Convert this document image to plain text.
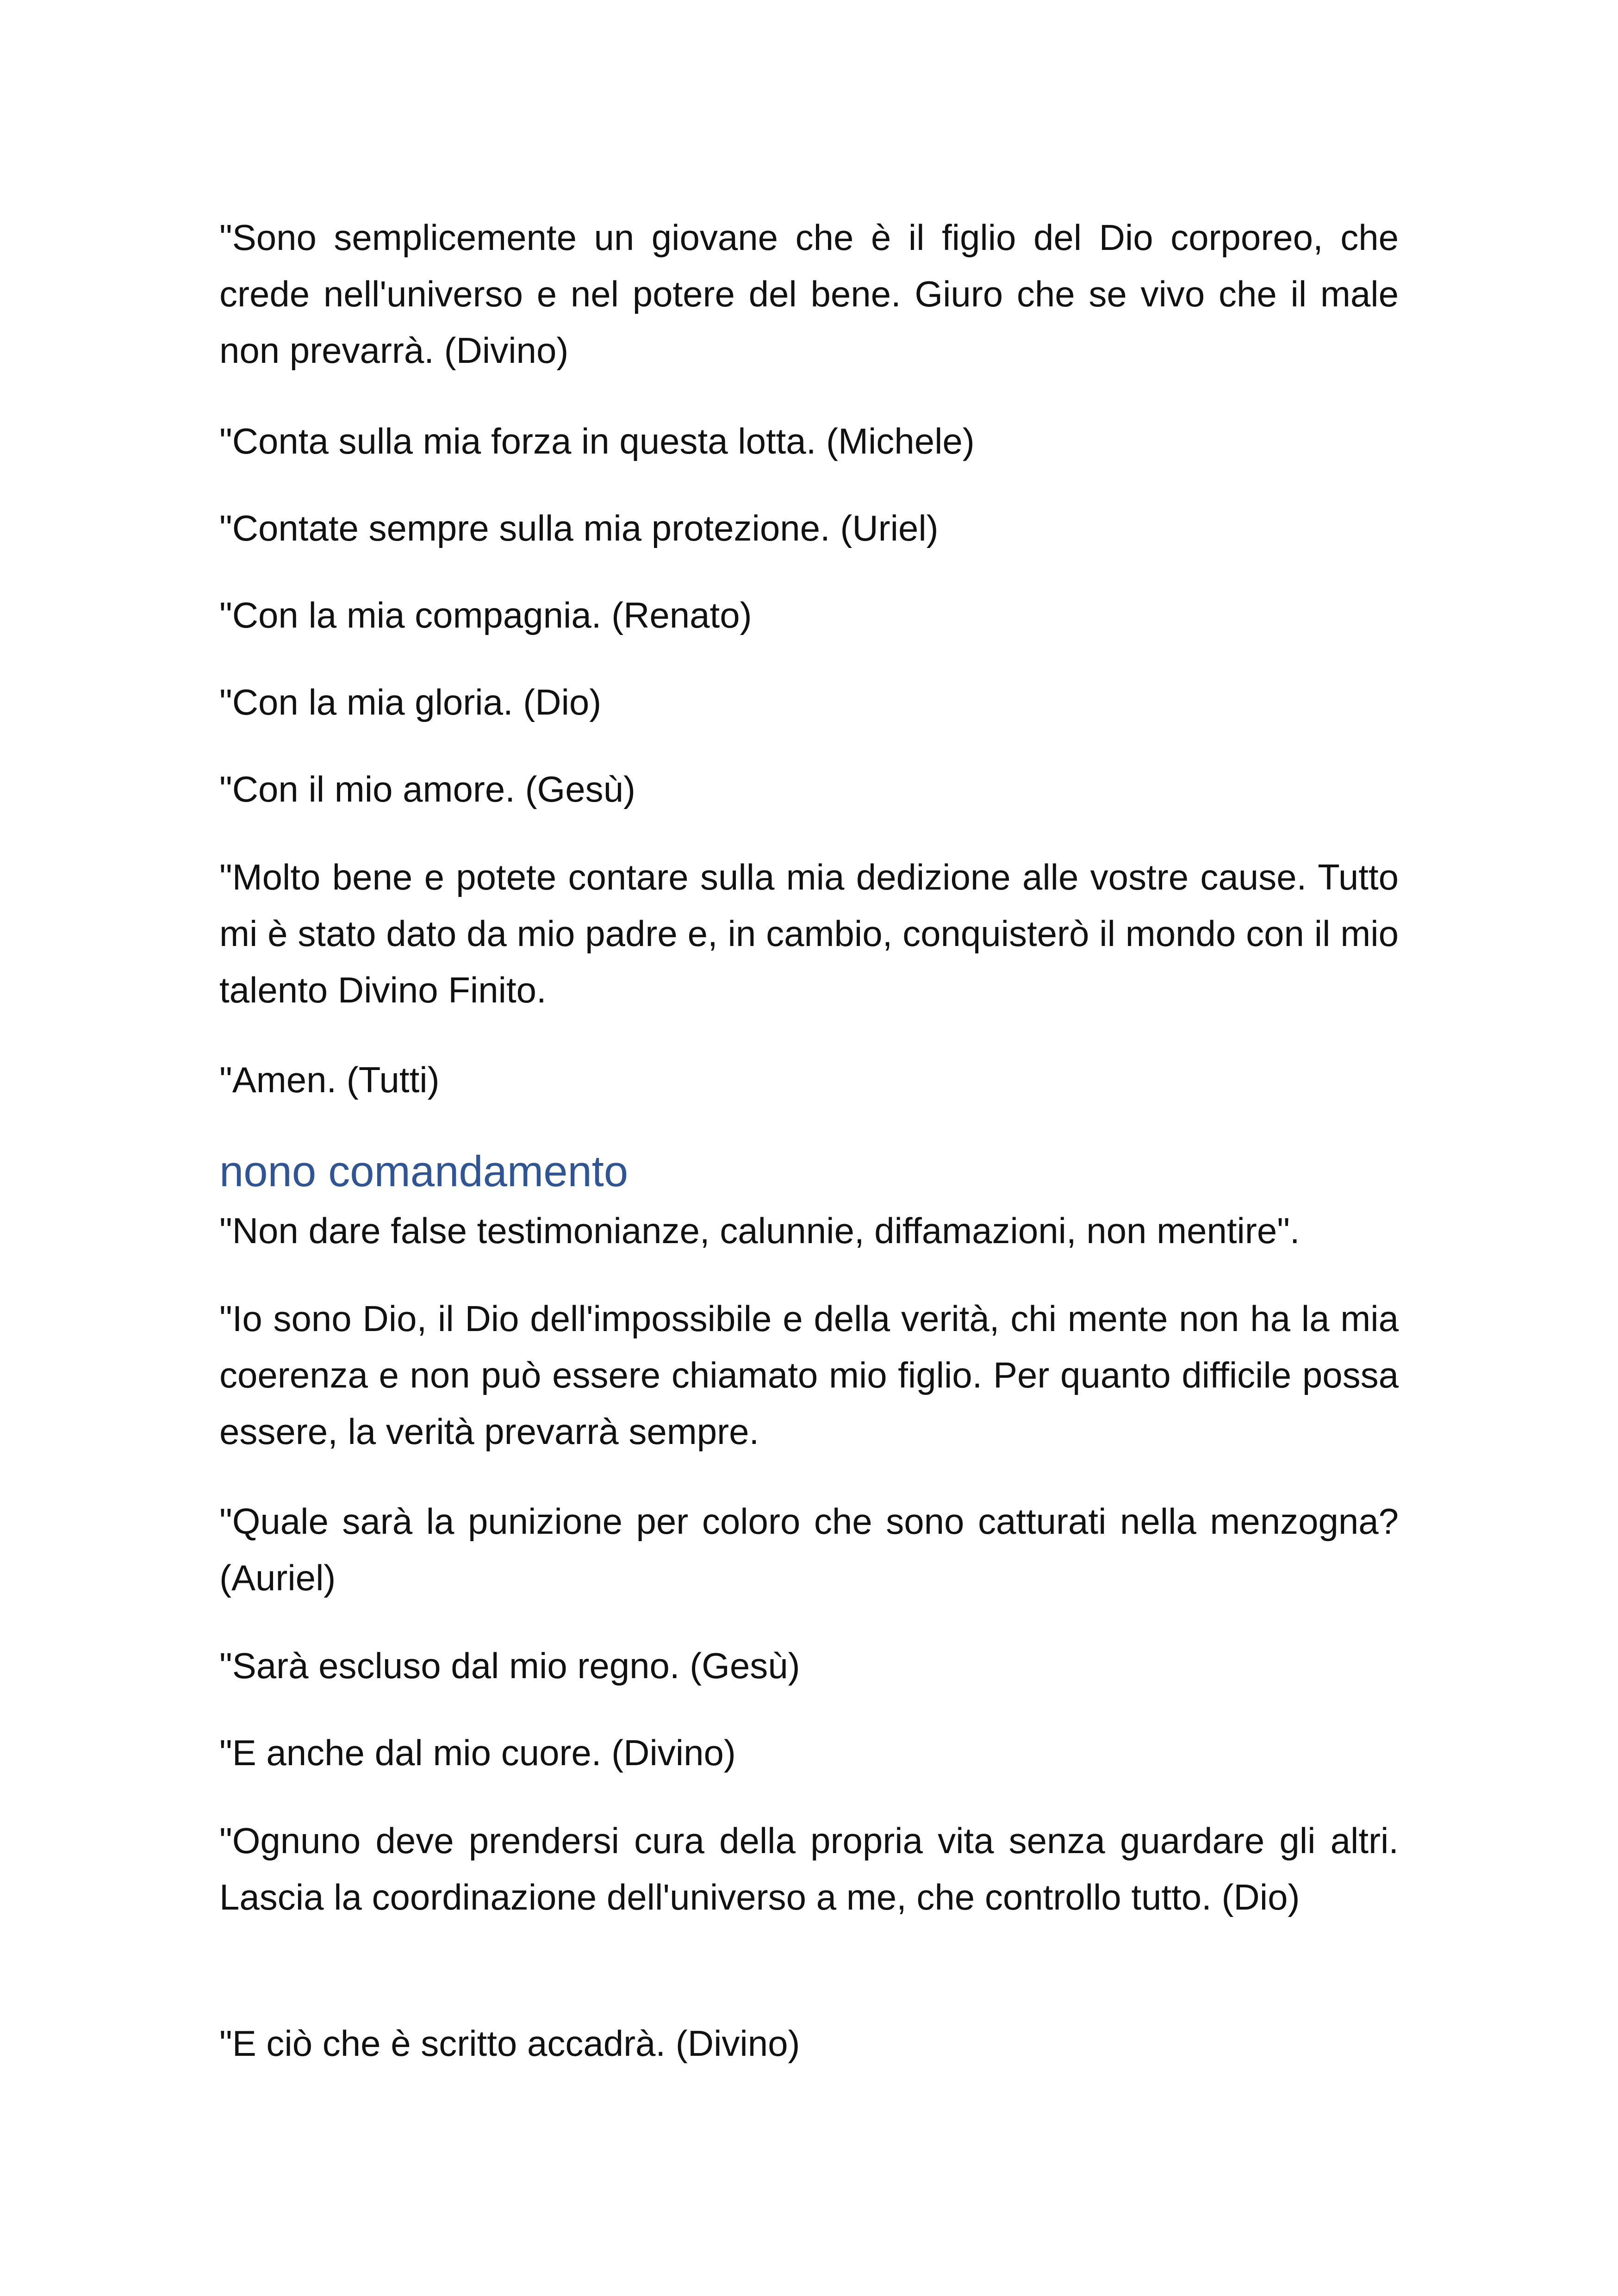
"Sono semplicemente un giovane che è il figlio del Dio corporeo, che crede nell'universo e nel potere del bene. Giuro che se vivo che il male non prevarrà. (Divino)

"Conta sulla mia forza in questa lotta. (Michele)

"Contate sempre sulla mia protezione. (Uriel)

"Con la mia compagnia. (Renato)

"Con la mia gloria. (Dio)

"Con il mio amore. (Gesù)

"Molto bene e potete contare sulla mia dedizione alle vostre cause. Tutto mi è stato dato da mio padre e, in cambio, conquisterò il mondo con il mio talento Divino Finito.

"Amen. (Tutti)

nono comandamento

"Non dare false testimonianze, calunnie, diffamazioni, non mentire".

"Io sono Dio, il Dio dell'impossibile e della verità, chi mente non ha la mia coerenza e non può essere chiamato mio figlio. Per quanto difficile possa essere, la verità prevarrà sempre.

"Quale sarà la punizione per coloro che sono catturati nella menzogna? (Auriel)

"Sarà escluso dal mio regno. (Gesù)

"E anche dal mio cuore. (Divino)

"Ognuno deve prendersi cura della propria vita senza guardare gli altri. Lascia la coordinazione dell'universo a me, che controllo tutto. (Dio)

"E ciò che è scritto accadrà. (Divino)
